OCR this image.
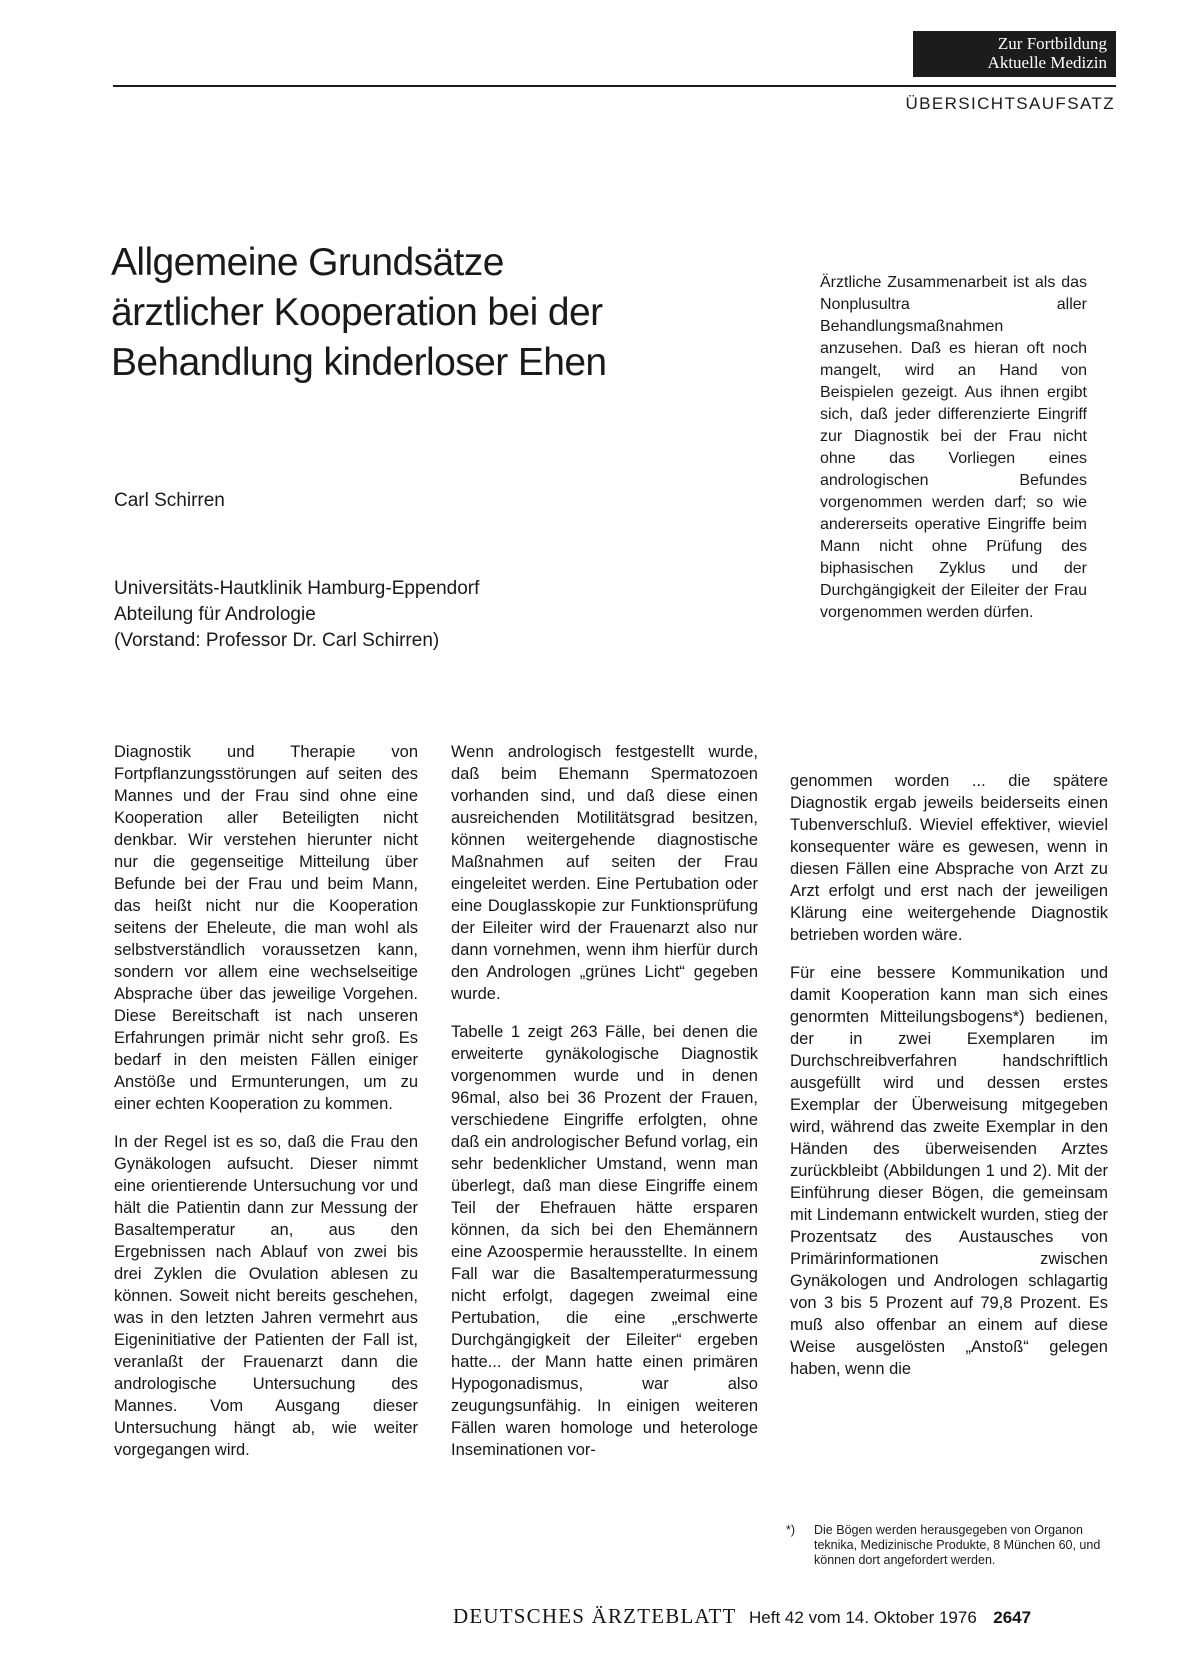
Zur Fortbildung
Aktuelle Medizin
ÜBERSICHTSAUFSATZ
Allgemeine Grundsätze
ärztlicher Kooperation bei der
Behandlung kinderloser Ehen
Carl Schirren
Universitäts-Hautklinik Hamburg-Eppendorf
Abteilung für Andrologie
(Vorstand: Professor Dr. Carl Schirren)

Ärztliche Zusammenarbeit ist als das Nonplusultra aller Behandlungsmaßnahmen anzusehen. Daß es hieran oft noch mangelt, wird an Hand von Beispielen gezeigt. Aus ihnen ergibt sich, daß jeder differenzierte Eingriff zur Diagnostik bei der Frau nicht ohne das Vorliegen eines andrologischen Befundes vorgenommen werden darf; so wie andererseits operative Eingriffe beim Mann nicht ohne Prüfung des biphasischen Zyklus und der Durchgängigkeit der Eileiter der Frau vorgenommen werden dürfen.

Diagnostik und Therapie von Fortpflanzungsstörungen auf seiten des Mannes und der Frau sind ohne eine Kooperation aller Beteiligten nicht denkbar. Wir verstehen hierunter nicht nur die gegenseitige Mitteilung über Befunde bei der Frau und beim Mann, das heißt nicht nur die Kooperation seitens der Eheleute, die man wohl als selbstverständlich voraussetzen kann, sondern vor allem eine wechselseitige Absprache über das jeweilige Vorgehen. Diese Bereitschaft ist nach unseren Erfahrungen primär nicht sehr groß. Es bedarf in den meisten Fällen einiger Anstöße und Ermunterungen, um zu einer echten Kooperation zu kommen.

In der Regel ist es so, daß die Frau den Gynäkologen aufsucht. Dieser nimmt eine orientierende Untersuchung vor und hält die Patientin dann zur Messung der Basaltemperatur an, aus den Ergebnissen nach Ablauf von zwei bis drei Zyklen die Ovulation ablesen zu können. Soweit nicht bereits geschehen, was in den letzten Jahren vermehrt aus Eigeninitiative der Patienten der Fall ist, veranlaßt der Frauenarzt dann die andrologische Untersuchung des Mannes. Vom Ausgang dieser Untersuchung hängt ab, wie weiter vorgegangen wird.

Wenn andrologisch festgestellt wurde, daß beim Ehemann Spermatozoen vorhanden sind, und daß diese einen ausreichenden Motilitätsgrad besitzen, können weitergehende diagnostische Maßnahmen auf seiten der Frau eingeleitet werden. Eine Pertubation oder eine Douglasskopie zur Funktionsprüfung der Eileiter wird der Frauenarzt also nur dann vornehmen, wenn ihm hierfür durch den Andrologen „grünes Licht“ gegeben wurde.

Tabelle 1 zeigt 263 Fälle, bei denen die erweiterte gynäkologische Diagnostik vorgenommen wurde und in denen 96mal, also bei 36 Prozent der Frauen, verschiedene Eingriffe erfolgten, ohne daß ein andrologischer Befund vorlag, ein sehr bedenklicher Umstand, wenn man überlegt, daß man diese Eingriffe einem Teil der Ehefrauen hätte ersparen können, da sich bei den Ehemännern eine Azoospermie herausstellte. In einem Fall war die Basaltemperaturmessung nicht erfolgt, dagegen zweimal eine Pertubation, die eine „erschwerte Durchgängigkeit der Eileiter“ ergeben hatte... der Mann hatte einen primären Hypogonadismus, war also zeugungsunfähig. In einigen weiteren Fällen waren homologe und heterologe Inseminationen vor-

genommen worden ... die spätere Diagnostik ergab jeweils beiderseits einen Tubenverschluß. Wieviel effektiver, wieviel konsequenter wäre es gewesen, wenn in diesen Fällen eine Absprache von Arzt zu Arzt erfolgt und erst nach der jeweiligen Klärung eine weitergehende Diagnostik betrieben worden wäre.

Für eine bessere Kommunikation und damit Kooperation kann man sich eines genormten Mitteilungsbogens*) bedienen, der in zwei Exemplaren im Durchschreibverfahren handschriftlich ausgefüllt wird und dessen erstes Exemplar der Überweisung mitgegeben wird, während das zweite Exemplar in den Händen des überweisenden Arztes zurückbleibt (Abbildungen 1 und 2). Mit der Einführung dieser Bögen, die gemeinsam mit Lindemann entwickelt wurden, stieg der Prozentsatz des Austausches von Primärinformationen zwischen Gynäkologen und Andrologen schlagartig von 3 bis 5 Prozent auf 79,8 Prozent. Es muß also offenbar an einem auf diese Weise ausgelösten „Anstoß“ gelegen haben, wenn die

*)	Die Bögen werden herausgegeben von Organon teknika, Medizinische Produkte, 8 München 60, und können dort angefordert werden.
DEUTSCHES ÄRZTEBLATT Heft 42 vom 14. Oktober 1976 2647
